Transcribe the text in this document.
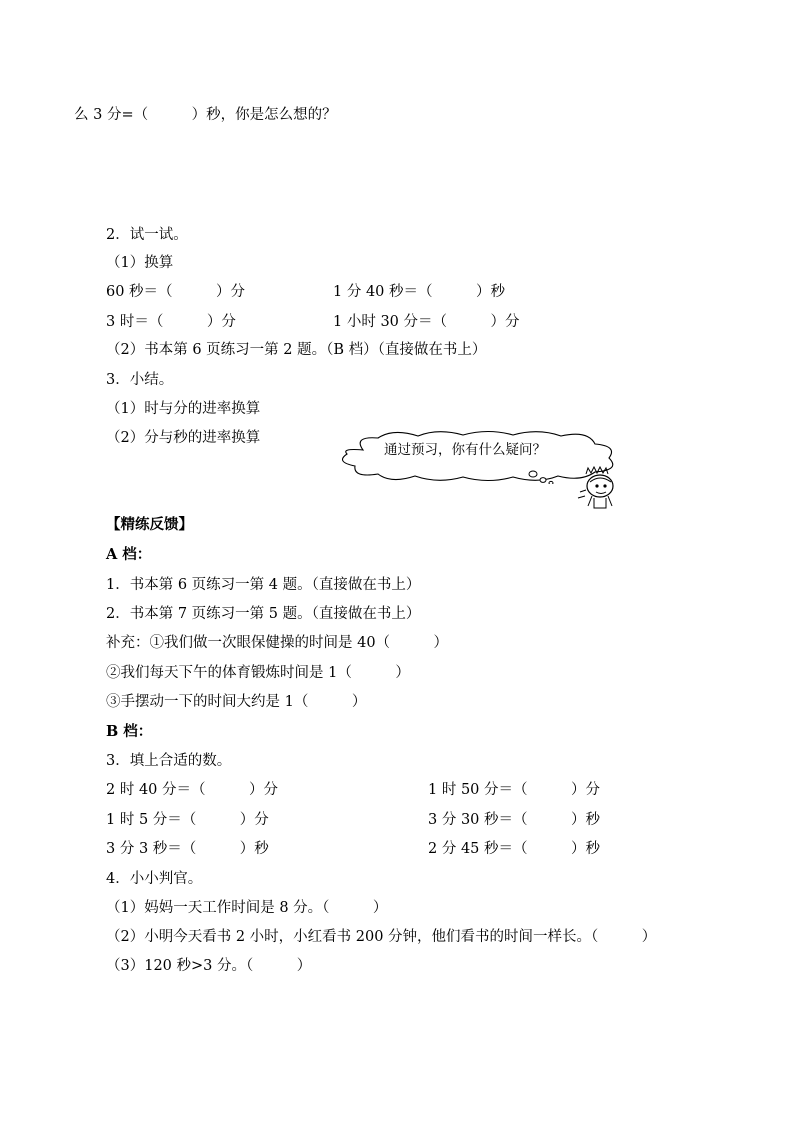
么 3 分=（　　　）秒，你是怎么想的？
2．试一试。
（1）换算
60 秒＝（　　　）分	1 分 40 秒＝（　　　）秒
3 时＝（　　　）分	1 小时 30 分＝（　　　）分
（2）书本第 6 页练习一第 2 题。（B 档）（直接做在书上）
3．小结。
（1）时与分的进率换算
（2）分与秒的进率换算
通过预习，你有什么疑问？
【精练反馈】
A 档：
1．书本第 6 页练习一第 4 题。（直接做在书上）
2．书本第 7 页练习一第 5 题。（直接做在书上）
补充：①我们做一次眼保健操的时间是 40（　　　）
②我们每天下午的体育锻炼时间是 1（　　　）
③手摆动一下的时间大约是 1（　　　）
B 档：
3．填上合适的数。
2 时 40 分＝（　　　）分	1 时 50 分＝（　　　）分
1 时 5 分＝（　　　）分	3 分 30 秒＝（　　　）秒
3 分 3 秒＝（　　　）秒	2 分 45 秒＝（　　　）秒
4．小小判官。
（1）妈妈一天工作时间是 8 分。（　　　）
（2）小明今天看书 2 小时，小红看书 200 分钟，他们看书的时间一样长。（　　　）
（3）120 秒>3 分。（　　　）
